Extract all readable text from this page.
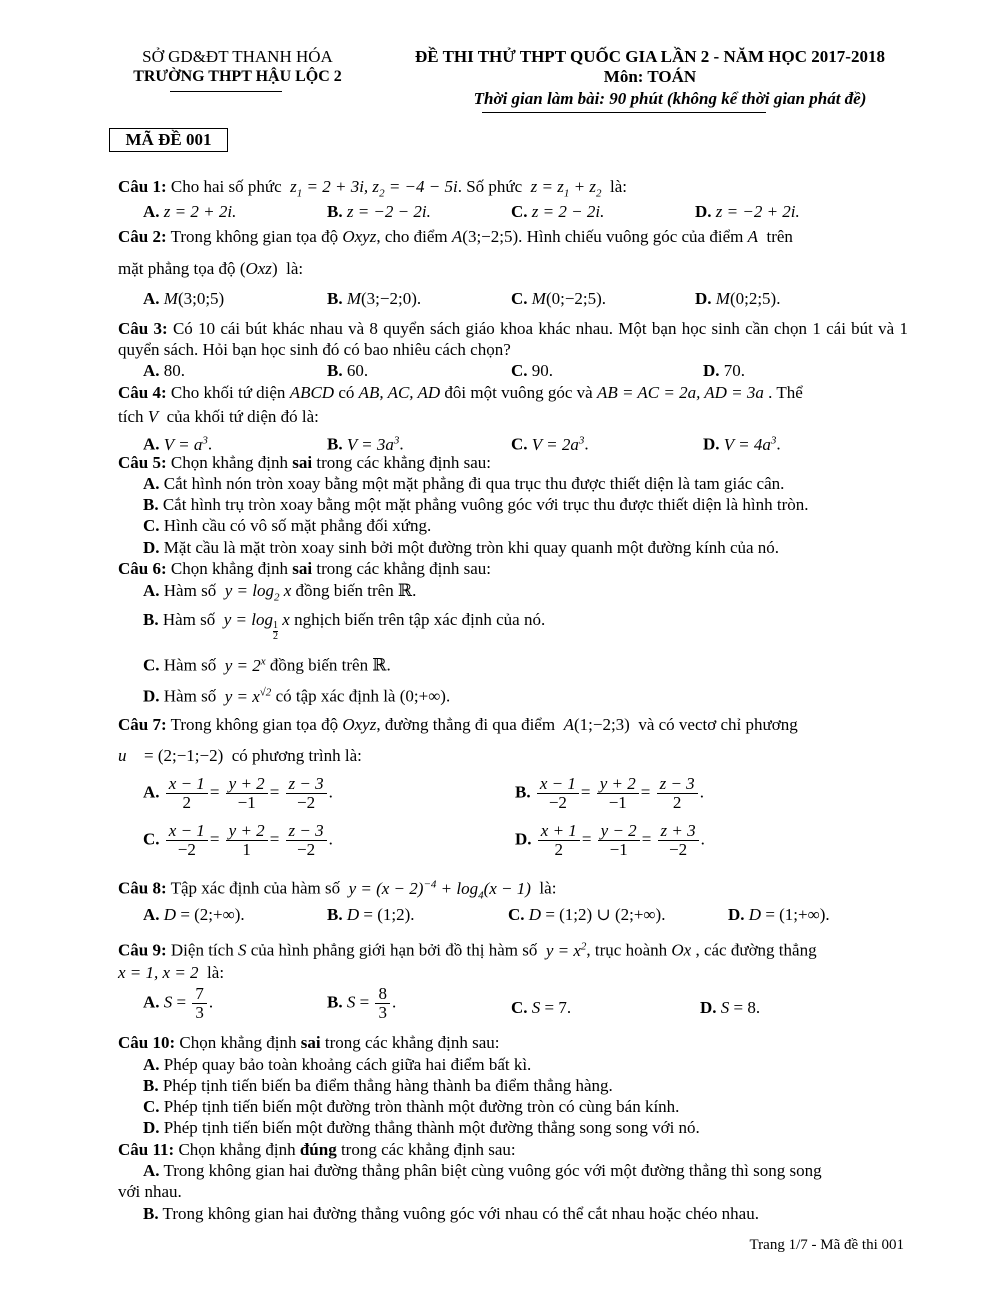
SỞ GD&ĐT THANH HÓA
TRƯỜNG THPT HẬU LỘC 2
ĐỀ THI THỬ THPT QUỐC GIA LẦN 2 - NĂM HỌC 2017-2018
Môn: TOÁN
Thời gian làm bài: 90 phút (không kể thời gian phát đề)
MÃ ĐỀ 001
Câu 1: Cho hai số phức  $z_1 = 2 + 3i$, $z_2 = -4 - 5i$. Số phức  $z = z_1 + z_2$ là:
A. z = 2 + 2i.	B. z = −2 − 2i.	C. z = 2 − 2i.	D. z = −2 + 2i.
Câu 2: Trong không gian tọa độ Oxyz, cho điểm A(3;−2;5). Hình chiếu vuông góc của điểm A trên
mặt phẳng tọa độ (Oxz)  là:
A. M(3;0;5)	B. M(3;−2;0).	C. M(0;−2;5).	D. M(0;2;5).
Câu 3: Có 10 cái bút khác nhau và 8 quyển sách giáo khoa khác nhau. Một bạn học sinh cần chọn 1 cái bút và 1 quyển sách. Hỏi bạn học sinh đó có bao nhiêu cách chọn?
A. 80.	B. 60.	C. 90.	D. 70.
Câu 4: Cho khối tứ diện ABCD có AB, AC, AD đôi một vuông góc và AB = AC = 2a, AD = 3a . Thể
tích V của khối tứ diện đó là:
A. $V = a^3$.	B. $V = 3a^3$.	C. $V = 2a^3$.	D. $V = 4a^3$.
Câu 5: Chọn khẳng định sai trong các khẳng định sau:
A. Cắt hình nón tròn xoay bằng một mặt phẳng đi qua trục thu được thiết diện là tam giác cân.
B. Cắt hình trụ tròn xoay bằng một mặt phẳng vuông góc với trục thu được thiết diện là hình tròn.
C. Hình cầu có vô số mặt phẳng đối xứng.
D. Mặt cầu là mặt tròn xoay sinh bởi một đường tròn khi quay quanh một đường kính của nó.
Câu 6: Chọn khẳng định sai trong các khẳng định sau:
A. Hàm số  $y = \log_2 x$ đồng biến trên ℝ.
B. Hàm số  y = log
$\frac{1}{2}$
x nghịch biến trên tập xác định của nó.
C. Hàm số  $y = 2^x$ đồng biến trên ℝ.
D. Hàm số  $y = x^{√2}$ có tập xác định là (0;+∞).
Câu 7: Trong không gian tọa độ Oxyz, đường thẳng đi qua điểm  A(1;−2;3)  và có vectơ chỉ phương
u⃗ = (2;−1;−2)  có phương trình là:
A. $\frac{x - 1}{2} = \frac{y + 2}{-1} = \frac{z - 3}{-2}$ .	B. $\frac{x - 1}{-2} = \frac{y + 2}{-1} = \frac{z - 3}{2}$ .
C. $\frac{x - 1}{-2} = \frac{y + 2}{1} = \frac{z - 3}{-2}$ .	D. $\frac{x + 1}{2} = \frac{y - 2}{-1} = \frac{z + 3}{-2}$ .
Câu 8: Tập xác định của hàm số  $y = (x - 2)^{-4} + \log_4(x - 1)$ là:
A. D = (2;+∞).	B. D = (1;2).	C. D = (1;2) ∪ (2;+∞).	D. D = (1;+∞).
Câu 9: Diện tích S của hình phẳng giới hạn bởi đồ thị hàm số  $y = x^2$, trục hoành Ox , các đường thẳng
x = 1, x = 2 là:
A. $S = \frac{7}{3}$ .	B. $S = \frac{8}{3}$ .	C. S = 7.	D. S = 8.
Câu 10: Chọn khẳng định sai trong các khẳng định sau:
A. Phép quay bảo toàn khoảng cách giữa hai điểm bất kì.
B. Phép tịnh tiến biến ba điểm thẳng hàng thành ba điểm thẳng hàng.
C. Phép tịnh tiến biến một đường tròn thành một đường tròn có cùng bán kính.
D. Phép tịnh tiến biến một đường thẳng thành một đường thẳng song song với nó.
Câu 11: Chọn khẳng định đúng trong các khẳng định sau:
A. Trong không gian hai đường thẳng phân biệt cùng vuông góc với một đường thẳng thì song song
với nhau.
B. Trong không gian hai đường thẳng vuông góc với nhau có thể cắt nhau hoặc chéo nhau.
Trang 1/7 - Mã đề thi 001
